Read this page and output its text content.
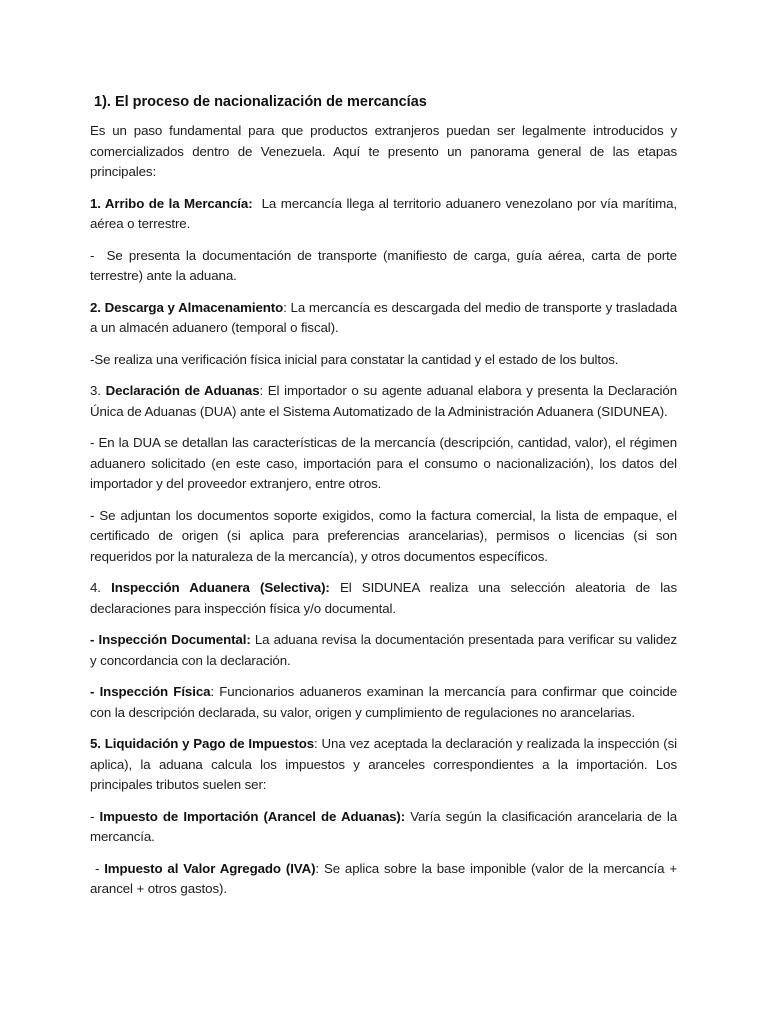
1). El proceso de nacionalización de mercancías

Es un paso fundamental para que productos extranjeros puedan ser legalmente introducidos y comercializados dentro de Venezuela. Aquí te presento un panorama general de las etapas principales:

1. Arribo de la Mercancía:  La mercancía llega al territorio aduanero venezolano por vía marítima, aérea o terrestre.

-  Se presenta la documentación de transporte (manifiesto de carga, guía aérea, carta de porte terrestre) ante la aduana.

2. Descarga y Almacenamiento: La mercancía es descargada del medio de transporte y trasladada a un almacén aduanero (temporal o fiscal).

-Se realiza una verificación física inicial para constatar la cantidad y el estado de los bultos.

3. Declaración de Aduanas: El importador o su agente aduanal elabora y presenta la Declaración Única de Aduanas (DUA) ante el Sistema Automatizado de la Administración Aduanera (SIDUNEA).

- En la DUA se detallan las características de la mercancía (descripción, cantidad, valor), el régimen aduanero solicitado (en este caso, importación para el consumo o nacionalización), los datos del importador y del proveedor extranjero, entre otros.

- Se adjuntan los documentos soporte exigidos, como la factura comercial, la lista de empaque, el certificado de origen (si aplica para preferencias arancelarias), permisos o licencias (si son requeridos por la naturaleza de la mercancía), y otros documentos específicos.

4. Inspección Aduanera (Selectiva): El SIDUNEA realiza una selección aleatoria de las declaraciones para inspección física y/o documental.

- Inspección Documental: La aduana revisa la documentación presentada para verificar su validez y concordancia con la declaración.

- Inspección Física: Funcionarios aduaneros examinan la mercancía para confirmar que coincide con la descripción declarada, su valor, origen y cumplimiento de regulaciones no arancelarias.

5. Liquidación y Pago de Impuestos: Una vez aceptada la declaración y realizada la inspección (si aplica), la aduana calcula los impuestos y aranceles correspondientes a la importación. Los principales tributos suelen ser:

- Impuesto de Importación (Arancel de Aduanas): Varía según la clasificación arancelaria de la mercancía.

- Impuesto al Valor Agregado (IVA): Se aplica sobre la base imponible (valor de la mercancía + arancel + otros gastos).
